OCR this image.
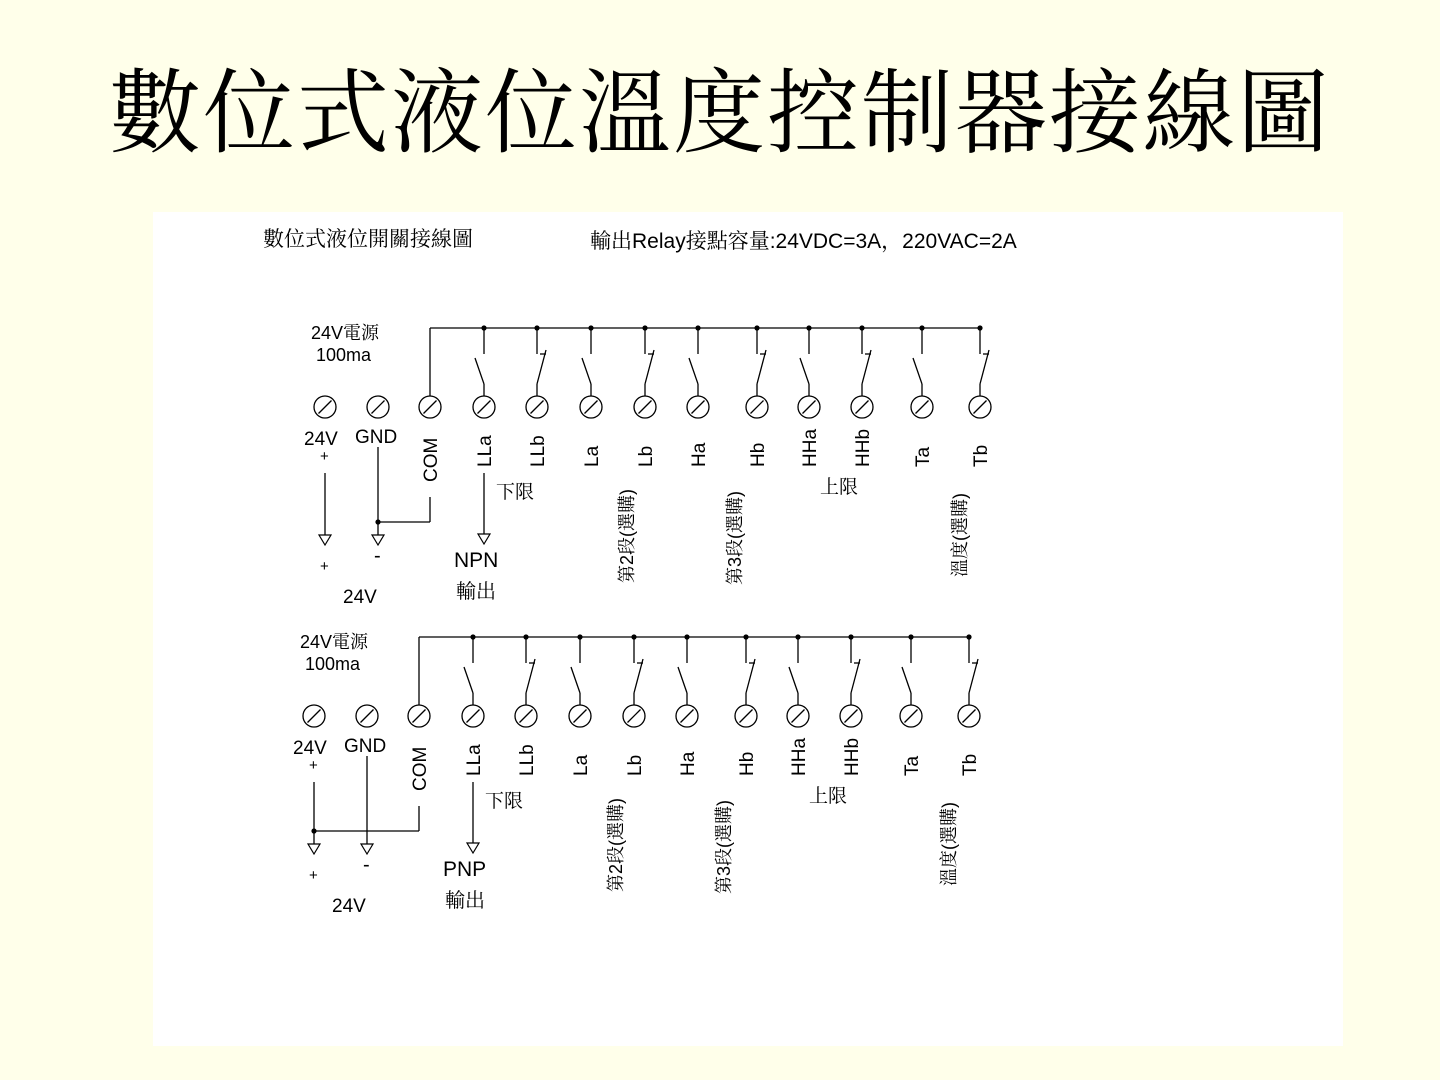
數位式液位溫度控制器接線圖
數位式液位開關接線圖	輸出Relay接點容量:24VDC=3A，220VAC=2A
24V電源
100ma
24V GND
COM LLa LLb La Lb Ha Hb HHa HHb Ta Tb
+
+ -
24V
下限
NPN
輸出
上限
第2段(選購)	第3段(選購)	溫度(選購)
24V電源
100ma
24V GND
COM LLa LLb La Lb Ha Hb HHa HHb Ta Tb
+
+ -
24V
下限
PNP
輸出
上限
第2段(選購)	第3段(選購)	溫度(選購)
